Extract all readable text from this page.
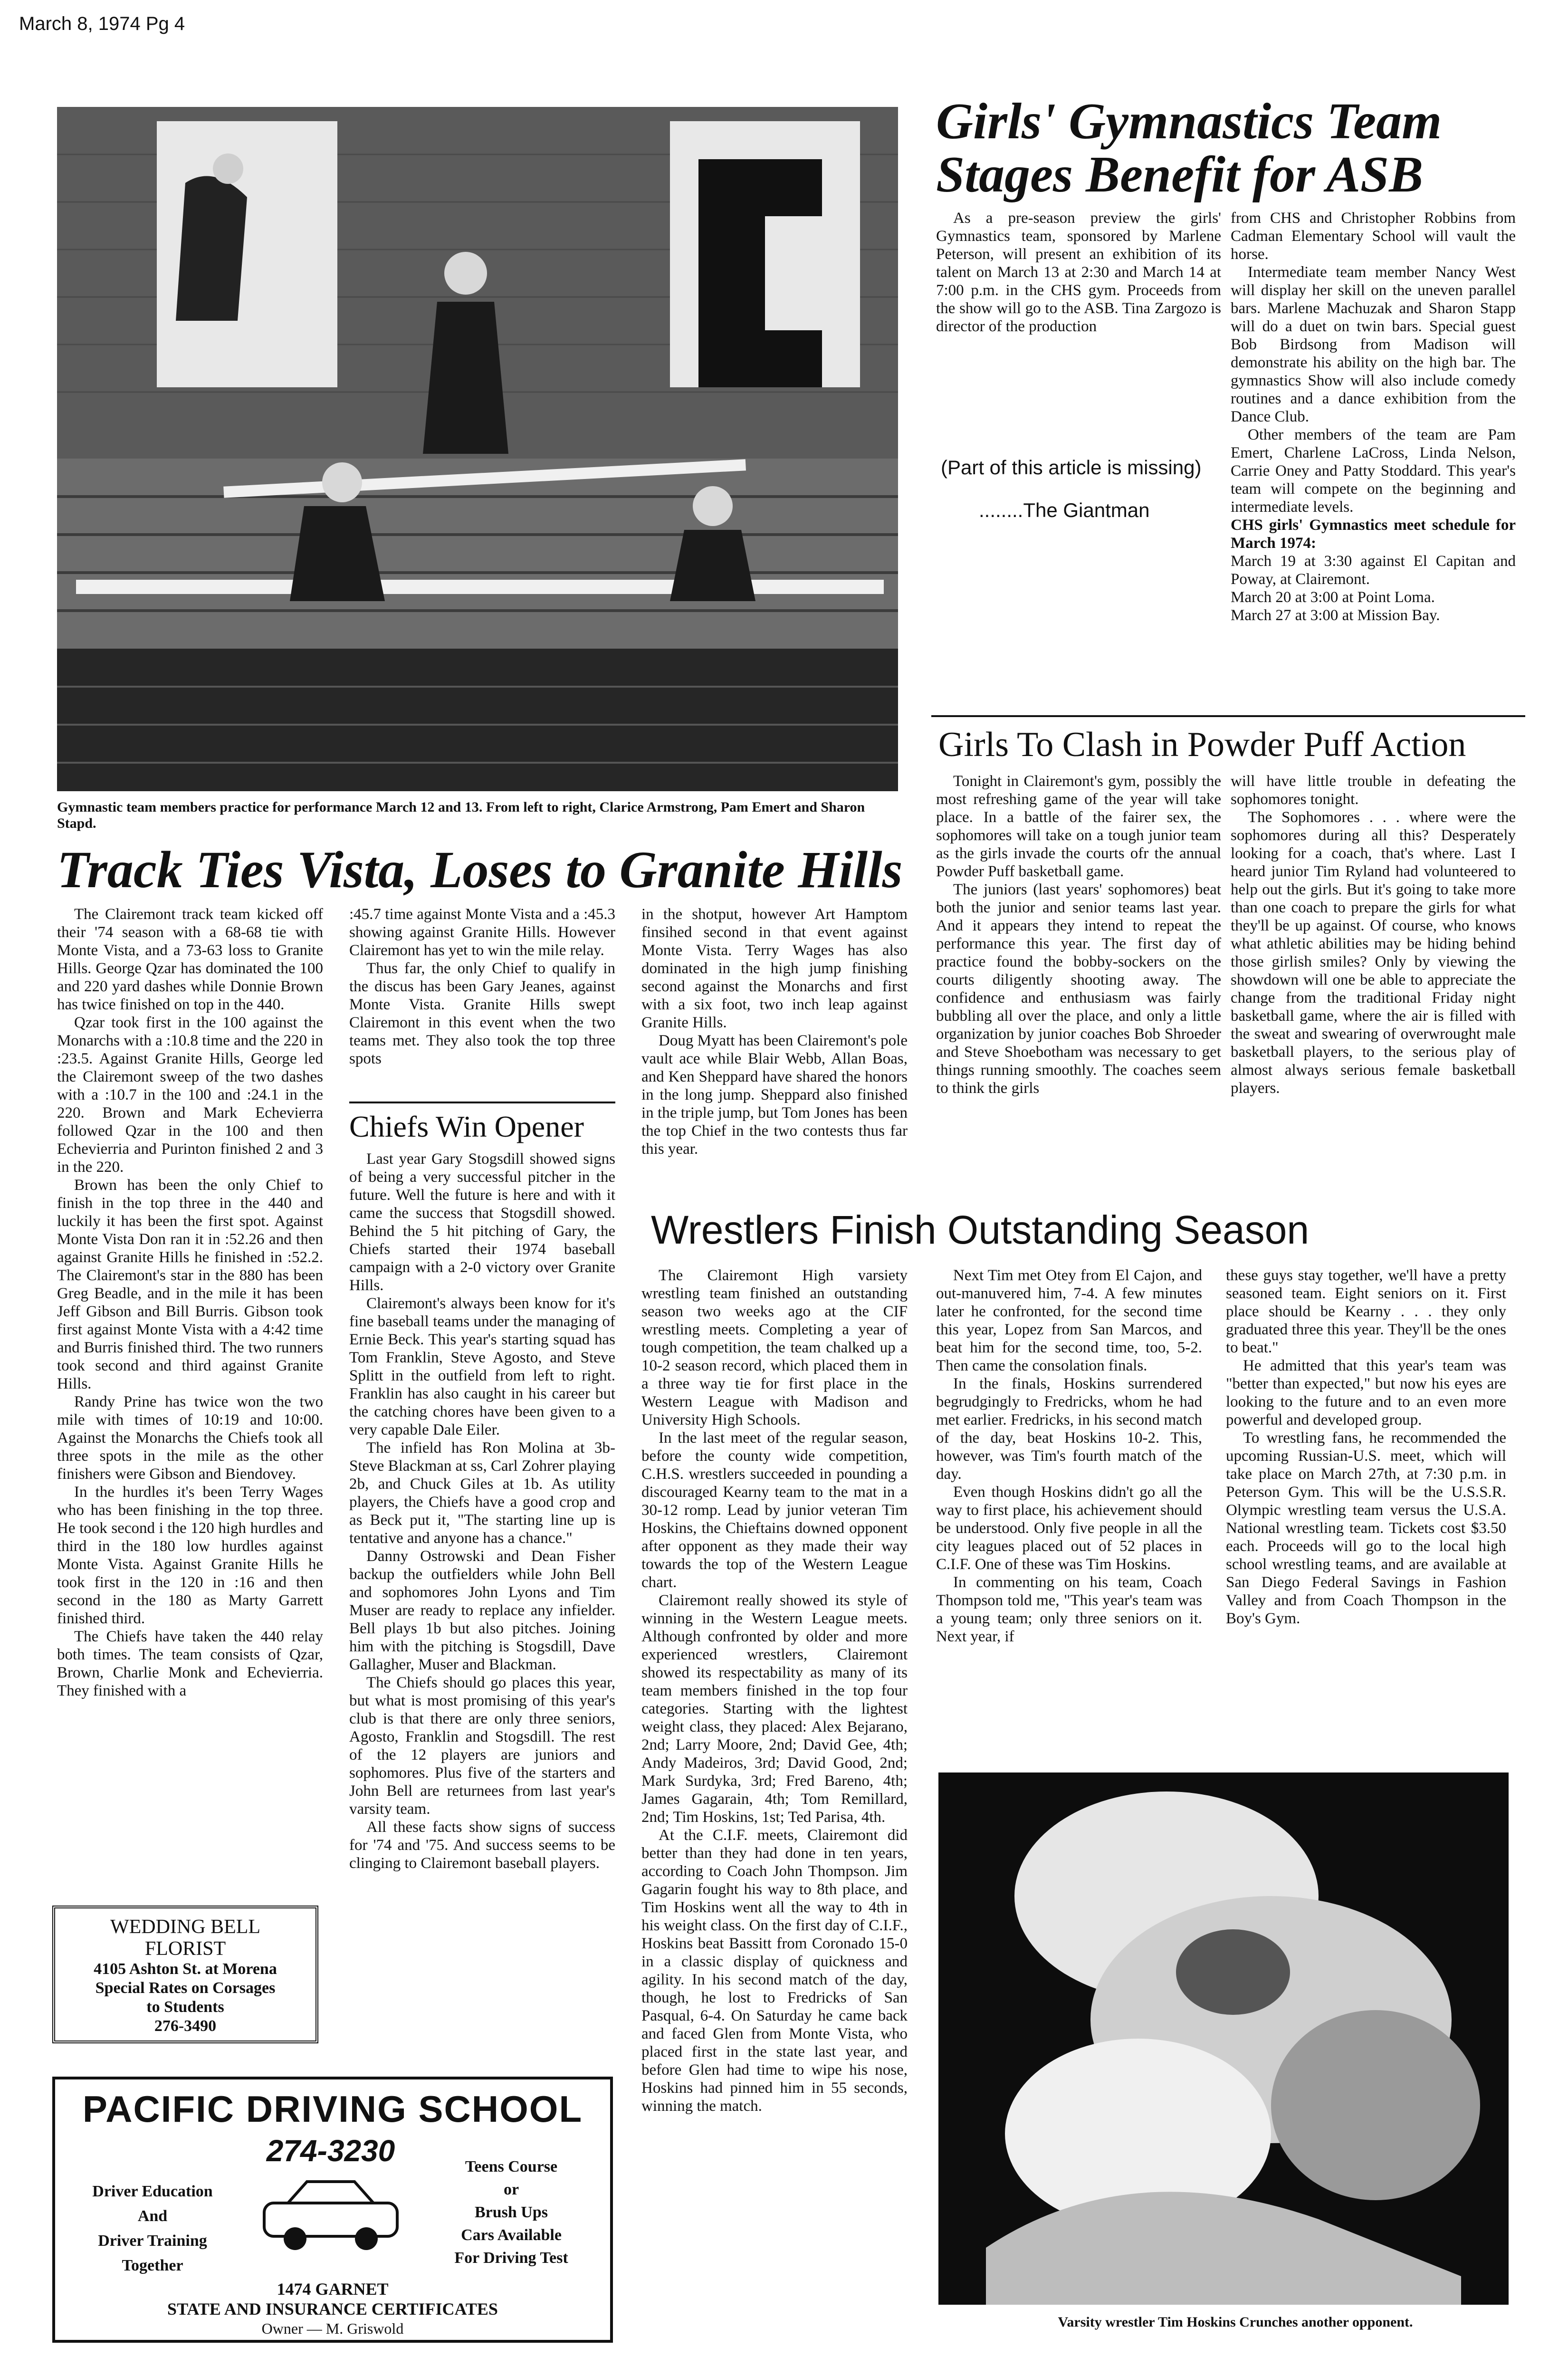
March 8, 1974 Pg 4
Gymnastic team members practice for performance March 12 and 13. From left to right, Clarice Armstrong, Pam Emert and Sharon Stapd.
Girls' Gymnastics Team
Stages Benefit for ASB

As a pre-season preview the girls' Gymnastics team, sponsored by Marlene Peterson, will present an exhibition of its talent on March 13 at 2:30 and March 14 at 7:00 p.m. in the CHS gym. Proceeds from the show will go to the ASB. Tina Zargozo is director of the production

(Part of this article is missing)
........The Giantman

from CHS and Christopher Robbins from Cadman Elementary School will vault the horse.

Intermediate team member Nancy West will display her skill on the uneven parallel bars. Marlene Machuzak and Sharon Stapp will do a duet on twin bars. Special guest Bob Birdsong from Madison will demonstrate his ability on the high bar. The gymnastics Show will also include comedy routines and a dance exhibition from the Dance Club.

Other members of the team are Pam Emert, Charlene LaCross, Linda Nelson, Carrie Oney and Patty Stoddard. This year's team will compete on the beginning and intermediate levels.

CHS girls' Gymnastics meet schedule for March 1974:
March 19 at 3:30 against El Capitan and Poway, at Clairemont.
March 20 at 3:00 at Point Loma.
March 27 at 3:00 at Mission Bay.
Girls To Clash in Powder Puff Action

Tonight in Clairemont's gym, possibly the most refreshing game of the year will take place. In a battle of the fairer sex, the sophomores will take on a tough junior team as the girls invade the courts ofr the annual Powder Puff basketball game.

The juniors (last years' sophomores) beat both the junior and senior teams last year. And it appears they intend to repeat the performance this year. The first day of practice found the bobby-sockers on the courts diligently shooting away. The confidence and enthusiasm was fairly bubbling all over the place, and only a little organization by junior coaches Bob Shroeder and Steve Shoebotham was necessary to get things running smoothly. The coaches seem to think the girls

will have little trouble in defeating the sophomores tonight.

The Sophomores . . . where were the sophomores during all this? Desperately looking for a coach, that's where. Last I heard junior Tim Ryland had volunteered to help out the girls. But it's going to take more than one coach to prepare the girls for what they'll be up against. Of course, who knows what athletic abilities may be hiding behind those girlish smiles? Only by viewing the showdown will one be able to appreciate the change from the traditional Friday night basketball game, where the air is filled with the sweat and swearing of overwrought male basketball players, to the serious play of almost always serious female basketball players.

Track Ties Vista, Loses to Granite Hills

The Clairemont track team kicked off their '74 season with a 68-68 tie with Monte Vista, and a 73-63 loss to Granite Hills. George Qzar has dominated the 100 and 220 yard dashes while Donnie Brown has twice finished on top in the 440.

Qzar took first in the 100 against the Monarchs with a :10.8 time and the 220 in :23.5. Against Granite Hills, George led the Clairemont sweep of the two dashes with a :10.7 in the 100 and :24.1 in the 220. Brown and Mark Echevierra followed Qzar in the 100 and then Echevierria and Purinton finished 2 and 3 in the 220.

Brown has been the only Chief to finish in the top three in the 440 and luckily it has been the first spot. Against Monte Vista Don ran it in :52.26 and then against Granite Hills he finished in :52.2. The Clairemont's star in the 880 has been Greg Beadle, and in the mile it has been Jeff Gibson and Bill Burris. Gibson took first against Monte Vista with a 4:42 time and Burris finished third. The two runners took second and third against Granite Hills.

Randy Prine has twice won the two mile with times of 10:19 and 10:00. Against the Monarchs the Chiefs took all three spots in the mile as the other finishers were Gibson and Biendovey.

In the hurdles it's been Terry Wages who has been finishing in the top three. He took second i the 120 high hurdles and third in the 180 low hurdles against Monte Vista. Against Granite Hills he took first in the 120 in :16 and then second in the 180 as Marty Garrett finished third.

The Chiefs have taken the 440 relay both times. The team consists of Qzar, Brown, Charlie Monk and Echevierria. They finished with a

:45.7 time against Monte Vista and a :45.3 showing against Granite Hills. However Clairemont has yet to win the mile relay.

Thus far, the only Chief to qualify in the discus has been Gary Jeanes, against Monte Vista. Granite Hills swept Clairemont in this event when the two teams met. They also took the top three spots

in the shotput, however Art Hamptom finsihed second in that event against Monte Vista. Terry Wages has also dominated in the high jump finishing second against the Monarchs and first with a six foot, two inch leap against Granite Hills.

Doug Myatt has been Clairemont's pole vault ace while Blair Webb, Allan Boas, and Ken Sheppard have shared the honors in the long jump. Sheppard also finished in the triple jump, but Tom Jones has been the top Chief in the two contests thus far this year.

Chiefs Win Opener

Last year Gary Stogsdill showed signs of being a very successful pitcher in the future. Well the future is here and with it came the success that Stogsdill showed. Behind the 5 hit pitching of Gary, the Chiefs started their 1974 baseball campaign with a 2-0 victory over Granite Hills.

Clairemont's always been know for it's fine baseball teams under the managing of Ernie Beck. This year's starting squad has Tom Franklin, Steve Agosto, and Steve Splitt in the outfield from left to right. Franklin has also caught in his career but the catching chores have been given to a very capable Dale Eiler.

The infield has Ron Molina at 3b- Steve Blackman at ss, Carl Zohrer playing 2b, and Chuck Giles at 1b. As utility players, the Chiefs have a good crop and as Beck put it, "The starting line up is tentative and anyone has a chance."

Danny Ostrowski and Dean Fisher backup the outfielders while John Bell and sophomores John Lyons and Tim Muser are ready to replace any infielder. Bell plays 1b but also pitches. Joining him with the pitching is Stogsdill, Dave Gallagher, Muser and Blackman.

The Chiefs should go places this year, but what is most promising of this year's club is that there are only three seniors, Agosto, Franklin and Stogsdill. The rest of the 12 players are juniors and sophomores. Plus five of the starters and John Bell are returnees from last year's varsity team.

All these facts show signs of success for '74 and '75. And success seems to be clinging to Clairemont baseball players.

Wrestlers Finish Outstanding Season

The Clairemont High varsiety wrestling team finished an outstanding season two weeks ago at the CIF wrestling meets. Completing a year of tough competition, the team chalked up a 10-2 season record, which placed them in a three way tie for first place in the Western League with Madison and University High Schools.

In the last meet of the regular season, before the county wide competition, C.H.S. wrestlers succeeded in pounding a discouraged Kearny team to the mat in a 30-12 romp. Lead by junior veteran Tim Hoskins, the Chieftains downed opponent after opponent as they made their way towards the top of the Western League chart.

Clairemont really showed its style of winning in the Western League meets. Although confronted by older and more experienced wrestlers, Clairemont showed its respectability as many of its team members finished in the top four categories. Starting with the lightest weight class, they placed: Alex Bejarano, 2nd; Larry Moore, 2nd; David Gee, 4th; Andy Madeiros, 3rd; David Good, 2nd; Mark Surdyka, 3rd; Fred Bareno, 4th; James Gagarain, 4th; Tom Remillard, 2nd; Tim Hoskins, 1st; Ted Parisa, 4th.

At the C.I.F. meets, Clairemont did better than they had done in ten years, according to Coach John Thompson. Jim Gagarin fought his way to 8th place, and Tim Hoskins went all the way to 4th in his weight class. On the first day of C.I.F., Hoskins beat Bassitt from Coronado 15-0 in a classic display of quickness and agility. In his second match of the day, though, he lost to Fredricks of San Pasqual, 6-4. On Saturday he came back and faced Glen from Monte Vista, who placed first in the state last year, and before Glen had time to wipe his nose, Hoskins had pinned him in 55 seconds, winning the match.

Next Tim met Otey from El Cajon, and out-manuvered him, 7-4. A few minutes later he confronted, for the second time this year, Lopez from San Marcos, and beat him for the second time, too, 5-2. Then came the consolation finals.

In the finals, Hoskins surrendered begrudgingly to Fredricks, whom he had met earlier. Fredricks, in his second match of the day, beat Hoskins 10-2. This, however, was Tim's fourth match of the day.

Even though Hoskins didn't go all the way to first place, his achievement should be understood. Only five people in all the city leagues placed out of 52 places in C.I.F. One of these was Tim Hoskins.

In commenting on his team, Coach Thompson told me, "This year's team was a young team; only three seniors on it. Next year, if

these guys stay together, we'll have a pretty seasoned team. Eight seniors on it. First place should be Kearny . . . they only graduated three this year. They'll be the ones to beat."

He admitted that this year's team was "better than expected," but now his eyes are looking to the future and to an even more powerful and developed group.

To wrestling fans, he recommended the upcoming Russian-U.S. meet, which will take place on March 27th, at 7:30 p.m. in Peterson Gym. This will be the U.S.S.R. Olympic wrestling team versus the U.S.A. National wrestling team. Tickets cost $3.50 each. Proceeds will go to the local high school wrestling teams, and are available at San Diego Federal Savings in Fashion Valley and from Coach Thompson in the Boy's Gym.

Varsity wrestler Tim Hoskins Crunches another opponent.
WEDDING BELL
FLORIST
4105 Ashton St. at Morena
Special Rates on Corsages
to Students
276-3490
PACIFIC DRIVING SCHOOL
274-3230
Driver Education
And
Driver Training
Together
Teens Course
or
Brush Ups
Cars Available
For Driving Test
1474 GARNET
STATE AND INSURANCE CERTIFICATES
Owner — M. Griswold
